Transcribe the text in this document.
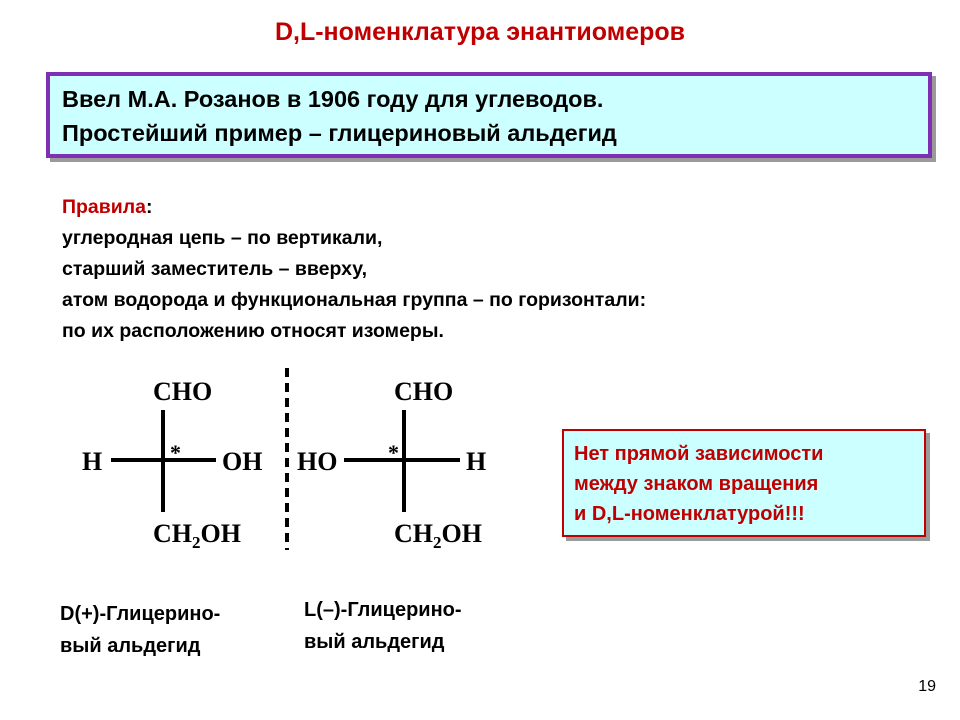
D,L-номенклатура энантиомеров
Ввел М.А. Розанов в 1906 году для углеводов.
Простейший пример – глицериновый альдегид
Правила:
углеродная цепь – по вертикали,
старший заместитель – вверху,
атом водорода и функциональная группа – по горизонтали:
по их расположению относят изомеры.
CHO
H	OH
*
$CH_2OH$
CHO
HO	H
*
$CH_2OH$
Нет прямой зависимости
между знаком вращения
и D,L-номенклатурой!!!
D(+)-Глицерино-
вый альдегид
L(–)-Глицерино-
вый альдегид
19
